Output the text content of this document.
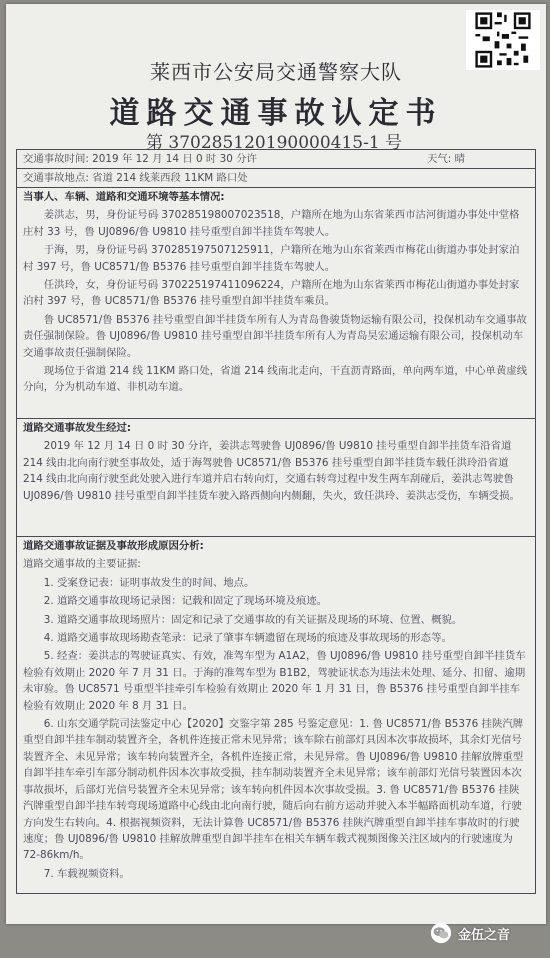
莱西市公安局交通警察大队
道路交通事故认定书
第 370285120190000415-1 号
交通事故时间: 2019 年 12 月 14 日 0 时 30 分许	天气: 晴
交通事故地点: 省道 214 线莱西段 11KM 路口处
当事人、车辆、道路和交通环境等基本情况:
姜洪志，男，身份证号码 370285198007023518，户籍所在地为山东省莱西市沽河街道办事处中堂格庄村 33 号，鲁 UJ0896/鲁 U9810 挂号重型自卸半挂货车驾驶人。
于海，男，身份证号码 370285197507125911，户籍所在地为山东省莱西市梅花山街道办事处封家泊村 397 号，鲁 UC8571/鲁 B5376 挂号重型自卸半挂货车驾驶人。
任洪玲，女，身份证号码 370225197411096224，户籍所在地为山东省莱西市梅花山街道办事处封家泊村 397 号，鲁 UC8571/鲁 B5376 挂号重型自卸半挂货车乘员。
鲁 UC8571/鲁 B5376 挂号重型自卸半挂货车所有人为青岛鲁骏货物运输有限公司，投保机动车交通事故责任强制保险。鲁 UJ0896/鲁 U9810 挂号重型自卸半挂货车所有人为青岛昊宏通运输有限公司，投保机动车交通事故责任强制保险。
现场位于省道 214 线 11KM 路口处，省道 214 线南北走向，干直沥青路面，单向两车道，中心单黄虚线分向，分为机动车道、非机动车道。
道路交通事故发生经过:
2019 年 12 月 14 日 0 时 30 分许，姜洪志驾驶鲁 UJ0896/鲁 U9810 挂号重型自卸半挂货车沿省道 214 线由北向南行驶至事故处，适于海驾驶鲁 UC8571/鲁 B5376 挂号重型自卸半挂货车载任洪玲沿省道 214 线由北向南行驶至此处驶入进行车道并启右转向灯，交通右转弯过程中发生两车刮碰后，姜洪志驾驶鲁 UJ0896/鲁 U9810 挂号重型自卸半挂货车驶入路西侧向内侧翻，失火，致任洪玲、姜洪志受伤，车辆受损。
道路交通事故证据及事故形成原因分析:
道路交通事故的主要证据:
1. 受案登记表：证明事故发生的时间、地点。
2. 道路交通事故现场记录图：记载和固定了现场环境及痕迹。
3. 道路交通事故现场照片：固定和记录了交通事故的有关证据及现场的环境、位置、概貌。
4. 道路交通事故现场勘查笔录：记录了肇事车辆遗留在现场的痕迹及事故现场的形态等。
5. 经查：姜洪志的驾驶证真实、有效，准驾车型为 A1A2，鲁 UJ0896/鲁 U9810 挂号重型自卸半挂货车检验有效期止 2020 年 7 月 31 日。于海的准驾车型为 B1B2，驾驶证状态为违法未处理、延分、扣留、逾期未审验。鲁 UC8571 号重型半挂牵引车检验有效期止 2020 年 1 月 31 日，鲁 B5376 挂号重型自卸半挂车检验有效期止 2020 年 8 月 31 日。
6. 山东交通学院司法鉴定中心【2020】交鉴字第 285 号鉴定意见：1. 鲁 UC8571/鲁 B5376 挂陕汽牌重型自卸半挂车制动装置齐全，各机件连接正常未见异常；该车除右前部灯具因本次事故损坏，其余灯光信号装置齐全、未见异常；该车转向装置齐全，各机件连接正常，未见异常。鲁 UJ0896/鲁 U9810 挂解放牌重型自卸半挂车牵引车部分制动机件因本次事故受损，挂车制动装置齐全未见异常；该车前部灯光信号装置因本次事故损坏，后部灯光信号装置齐全未见异常；该车转向机件因本次事故受损。3. 鲁 UC8571/鲁 B5376 挂陕汽牌重型自卸半挂车转弯现场道路中心线由北向南行驶，随后向右前方运动并驶入本半幅路面机动车道，行驶方向发生右转向。4. 根据视频资料，无法计算鲁 UC8571/鲁 B5376 挂陕汽牌重型自卸半挂车事故时的行驶速度；鲁 UJ0896/鲁 U9810 挂解放牌重型自卸半挂车在相关车辆车载式视频图像关注区域内的行驶速度为 72-86km/h。
7. 车载视频资料。
金伍之音
